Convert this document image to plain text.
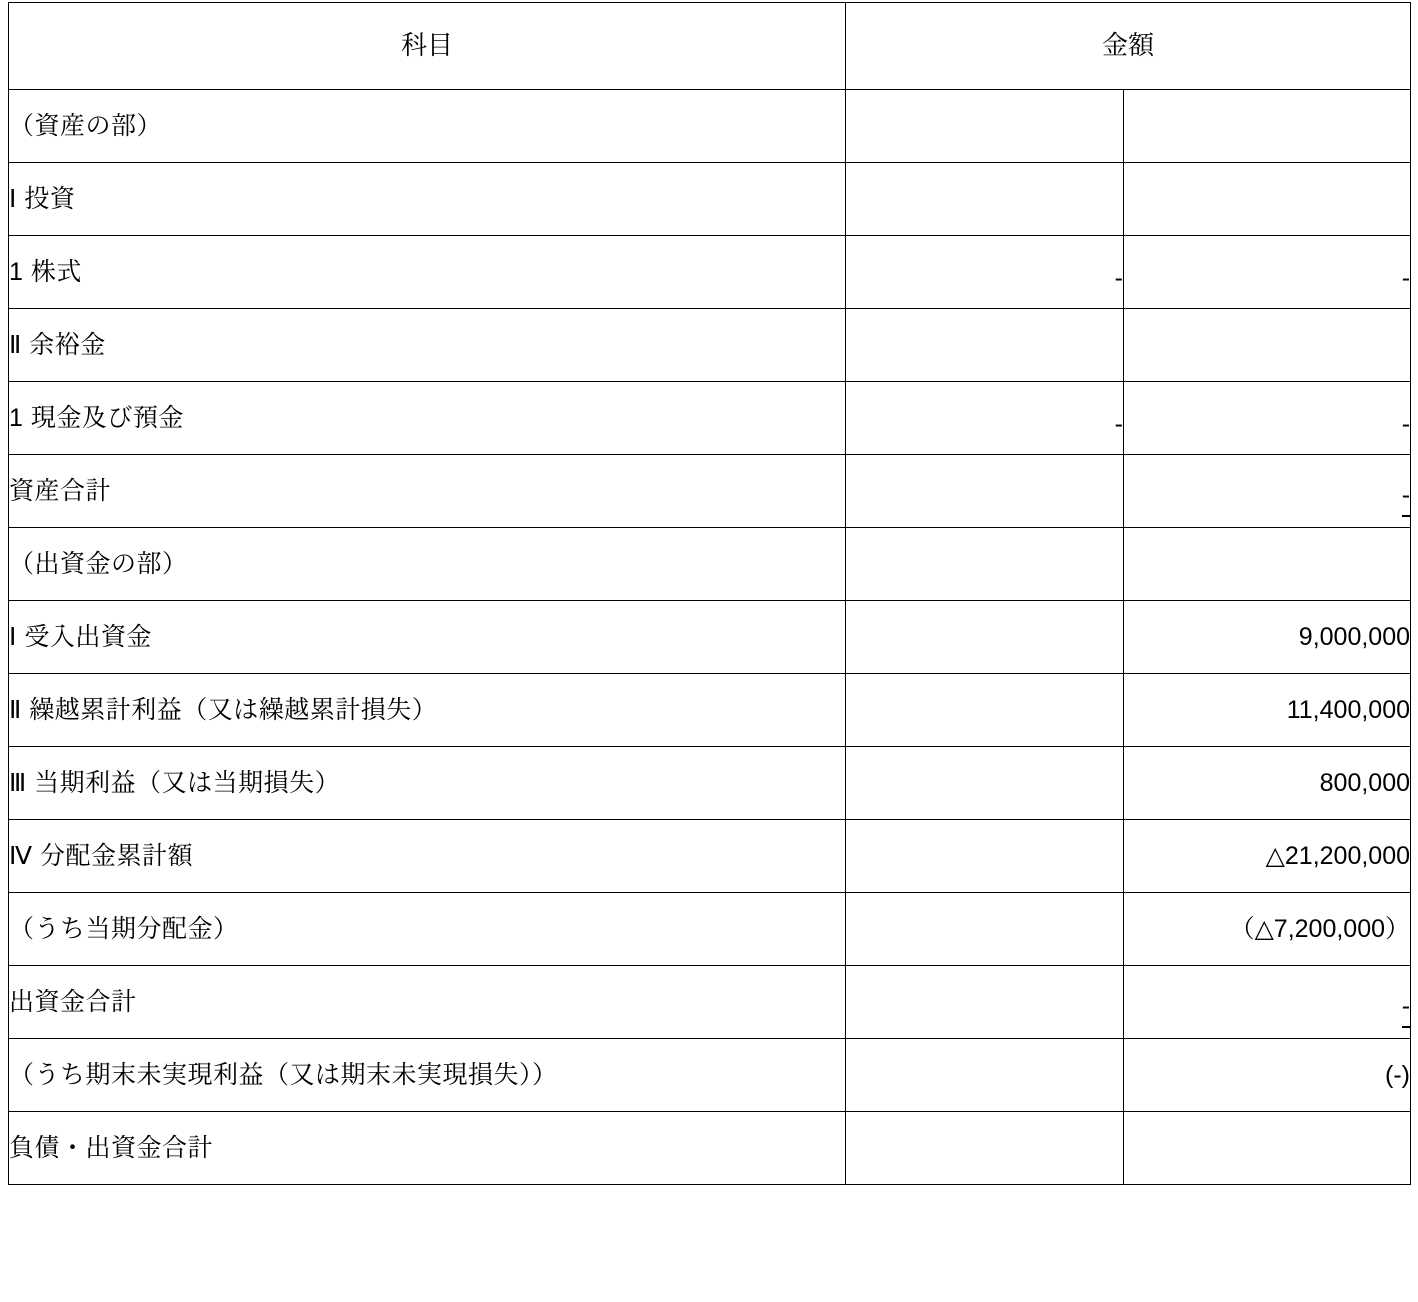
科目	金額	
（資産の部）		
Ⅰ 投資		
1 株式	-	-
Ⅱ 余裕金		
1 現金及び預金	-	-
資産合計		-
（出資金の部）		
Ⅰ 受入出資金		9,000,000
Ⅱ 繰越累計利益（又は繰越累計損失）		11,400,000
Ⅲ 当期利益（又は当期損失）		800,000
Ⅳ 分配金累計額		△21,200,000
（うち当期分配金）		（△7,200,000）
出資金合計		-
（うち期末未実現利益（又は期末未実現損失））		(-)
負債・出資金合計		
